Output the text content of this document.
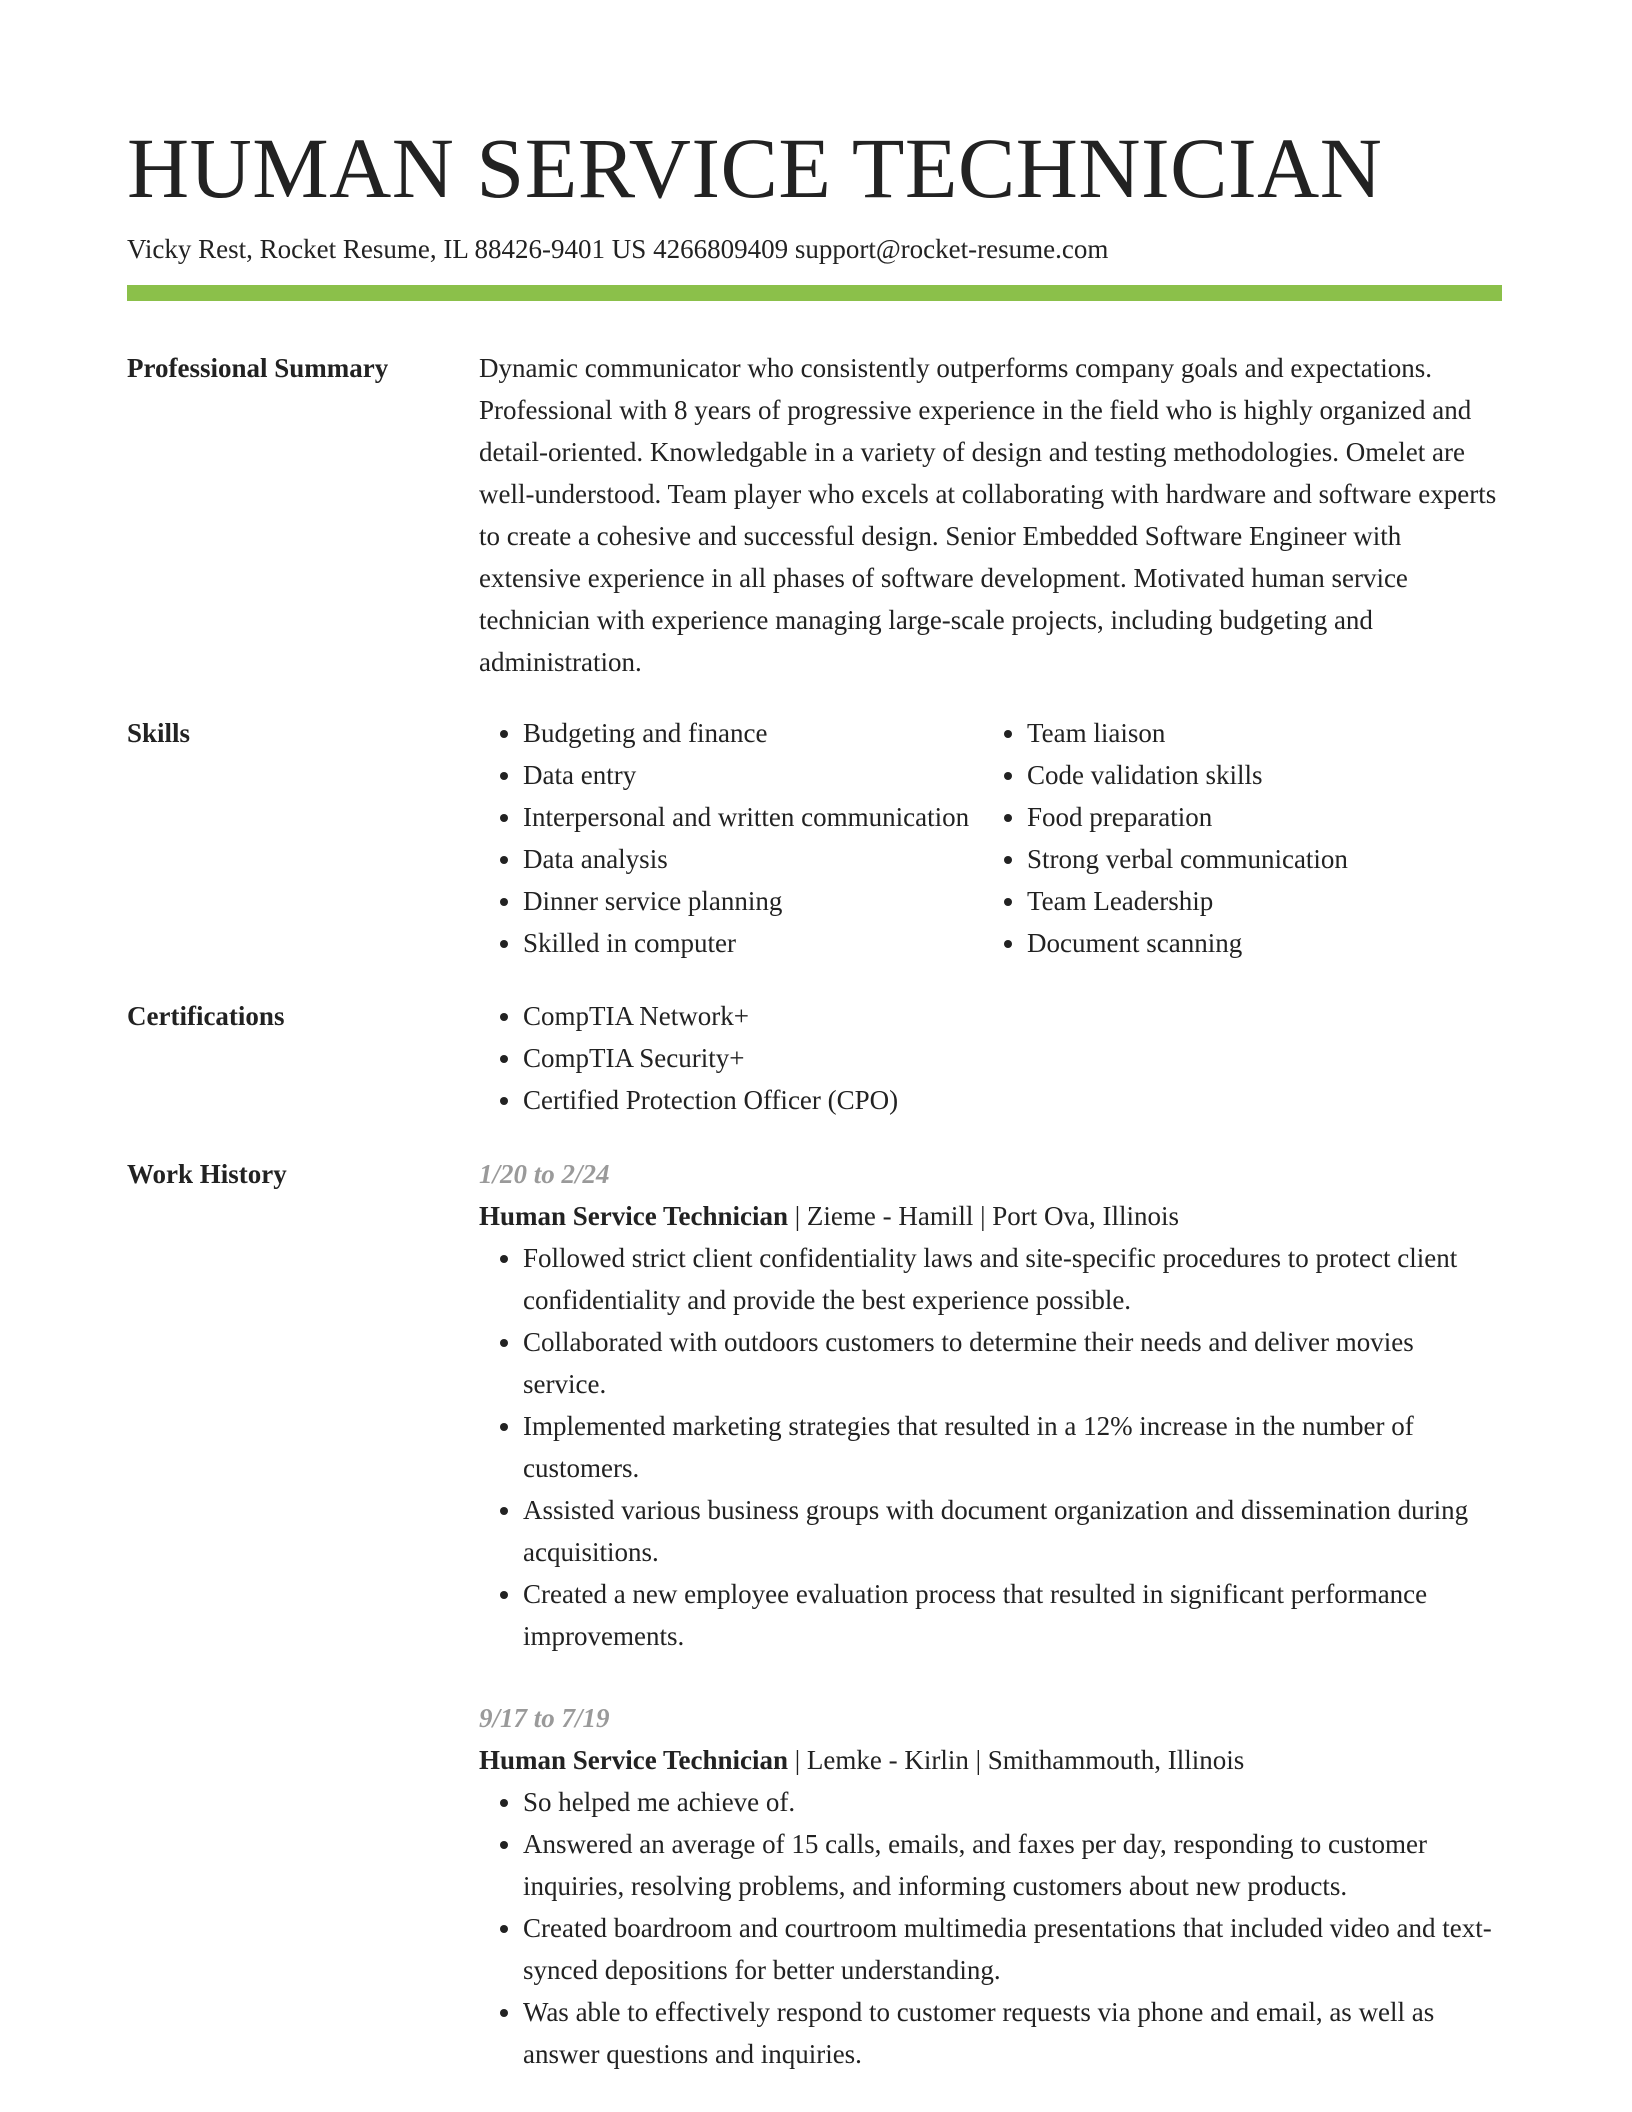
HUMAN SERVICE TECHNICIAN
Vicky Rest, Rocket Resume, IL 88426-9401 US 4266809409 support@rocket-resume.com
Professional Summary	Dynamic communicator who consistently outperforms company goals and expectations. Professional with 8 years of progressive experience in the field who is highly organized and detail-oriented. Knowledgable in a variety of design and testing methodologies. Omelet are well-understood. Team player who excels at collaborating with hardware and software experts to create a cohesive and successful design. Senior Embedded Software Engineer with extensive experience in all phases of software development. Motivated human service technician with experience managing large-scale projects, including budgeting and administration.

Skills	• Budgeting and finance
• Data entry
• Interpersonal and written communication
• Data analysis
• Dinner service planning
• Skilled in computer
• Team liaison
• Code validation skills
• Food preparation
• Strong verbal communication
• Team Leadership
• Document scanning
Certifications	• CompTIA Network+
• CompTIA Security+
• Certified Protection Officer (CPO)
Work History	1/20 to 2/24
Human Service Technician | Zieme - Hamill | Port Ova, Illinois
• Followed strict client confidentiality laws and site-specific procedures to protect client confidentiality and provide the best experience possible.
• Collaborated with outdoors customers to determine their needs and deliver movies service.
• Implemented marketing strategies that resulted in a 12% increase in the number of customers.
• Assisted various business groups with document organization and dissemination during acquisitions.
• Created a new employee evaluation process that resulted in significant performance improvements.
9/17 to 7/19
Human Service Technician | Lemke - Kirlin | Smithammouth, Illinois
• So helped me achieve of.
• Answered an average of 15 calls, emails, and faxes per day, responding to customer inquiries, resolving problems, and informing customers about new products.
• Created boardroom and courtroom multimedia presentations that included video and text-synced depositions for better understanding.
• Was able to effectively respond to customer requests via phone and email, as well as answer questions and inquiries.
